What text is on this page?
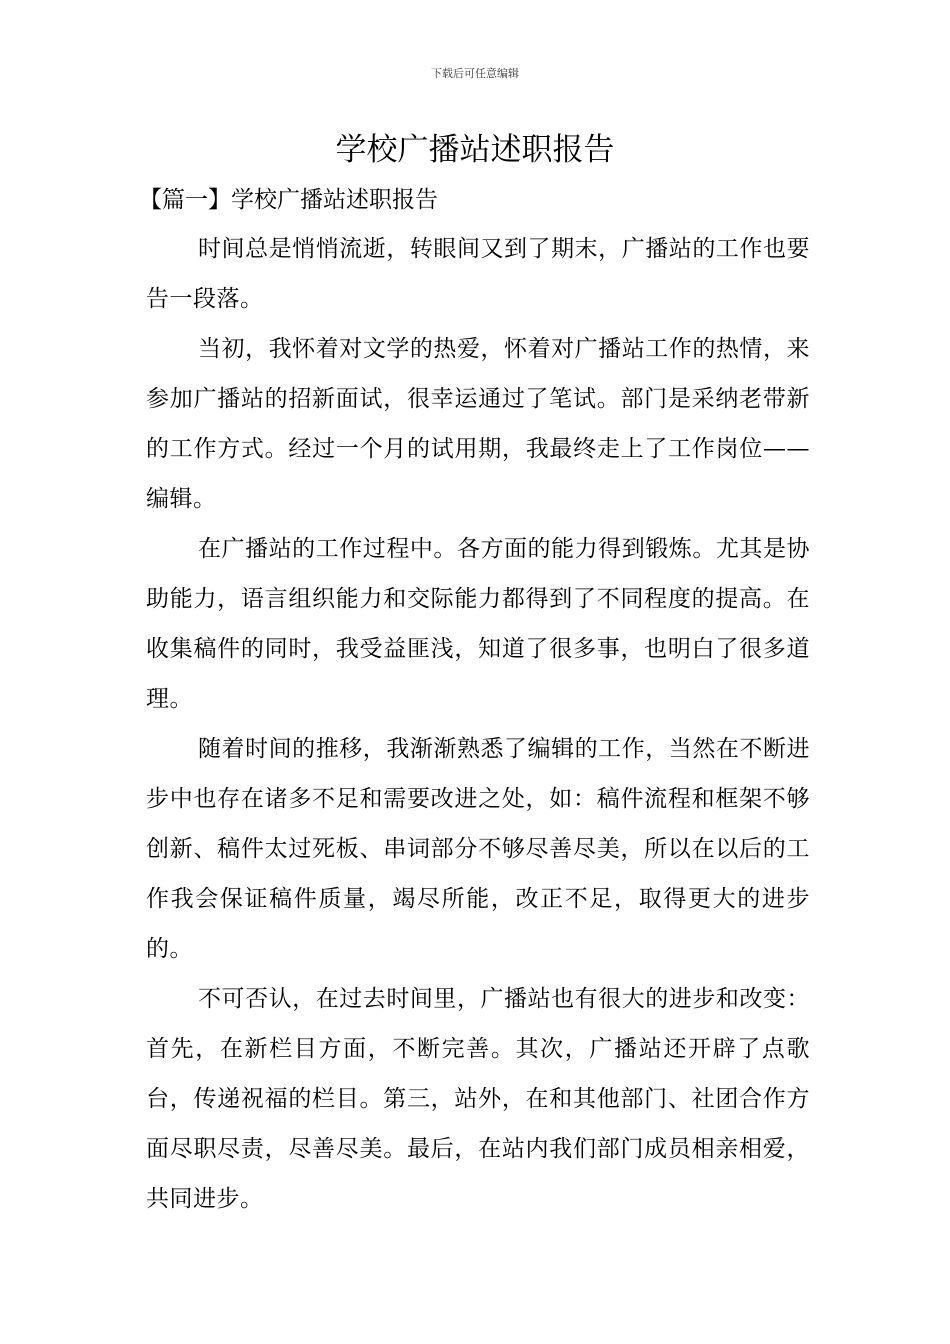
下载后可任意编辑
学校广播站述职报告

【篇一】学校广播站述职报告

时间总是悄悄流逝，转眼间又到了期末，广播站的工作也要告一段落。

当初，我怀着对文学的热爱，怀着对广播站工作的热情，来参加广播站的招新面试，很幸运通过了笔试。部门是采纳老带新的工作方式。经过一个月的试用期，我最终走上了工作岗位——编辑。

在广播站的工作过程中。各方面的能力得到锻炼。尤其是协助能力，语言组织能力和交际能力都得到了不同程度的提高。在收集稿件的同时，我受益匪浅，知道了很多事，也明白了很多道理。

随着时间的推移，我渐渐熟悉了编辑的工作，当然在不断进步中也存在诸多不足和需要改进之处，如：稿件流程和框架不够创新、稿件太过死板、串词部分不够尽善尽美，所以在以后的工作我会保证稿件质量，竭尽所能，改正不足，取得更大的进步的。

不可否认，在过去时间里，广播站也有很大的进步和改变：首先，在新栏目方面，不断完善。其次，广播站还开辟了点歌台，传递祝福的栏目。第三，站外，在和其他部门、社团合作方面尽职尽责，尽善尽美。最后，在站内我们部门成员相亲相爱，共同进步。
